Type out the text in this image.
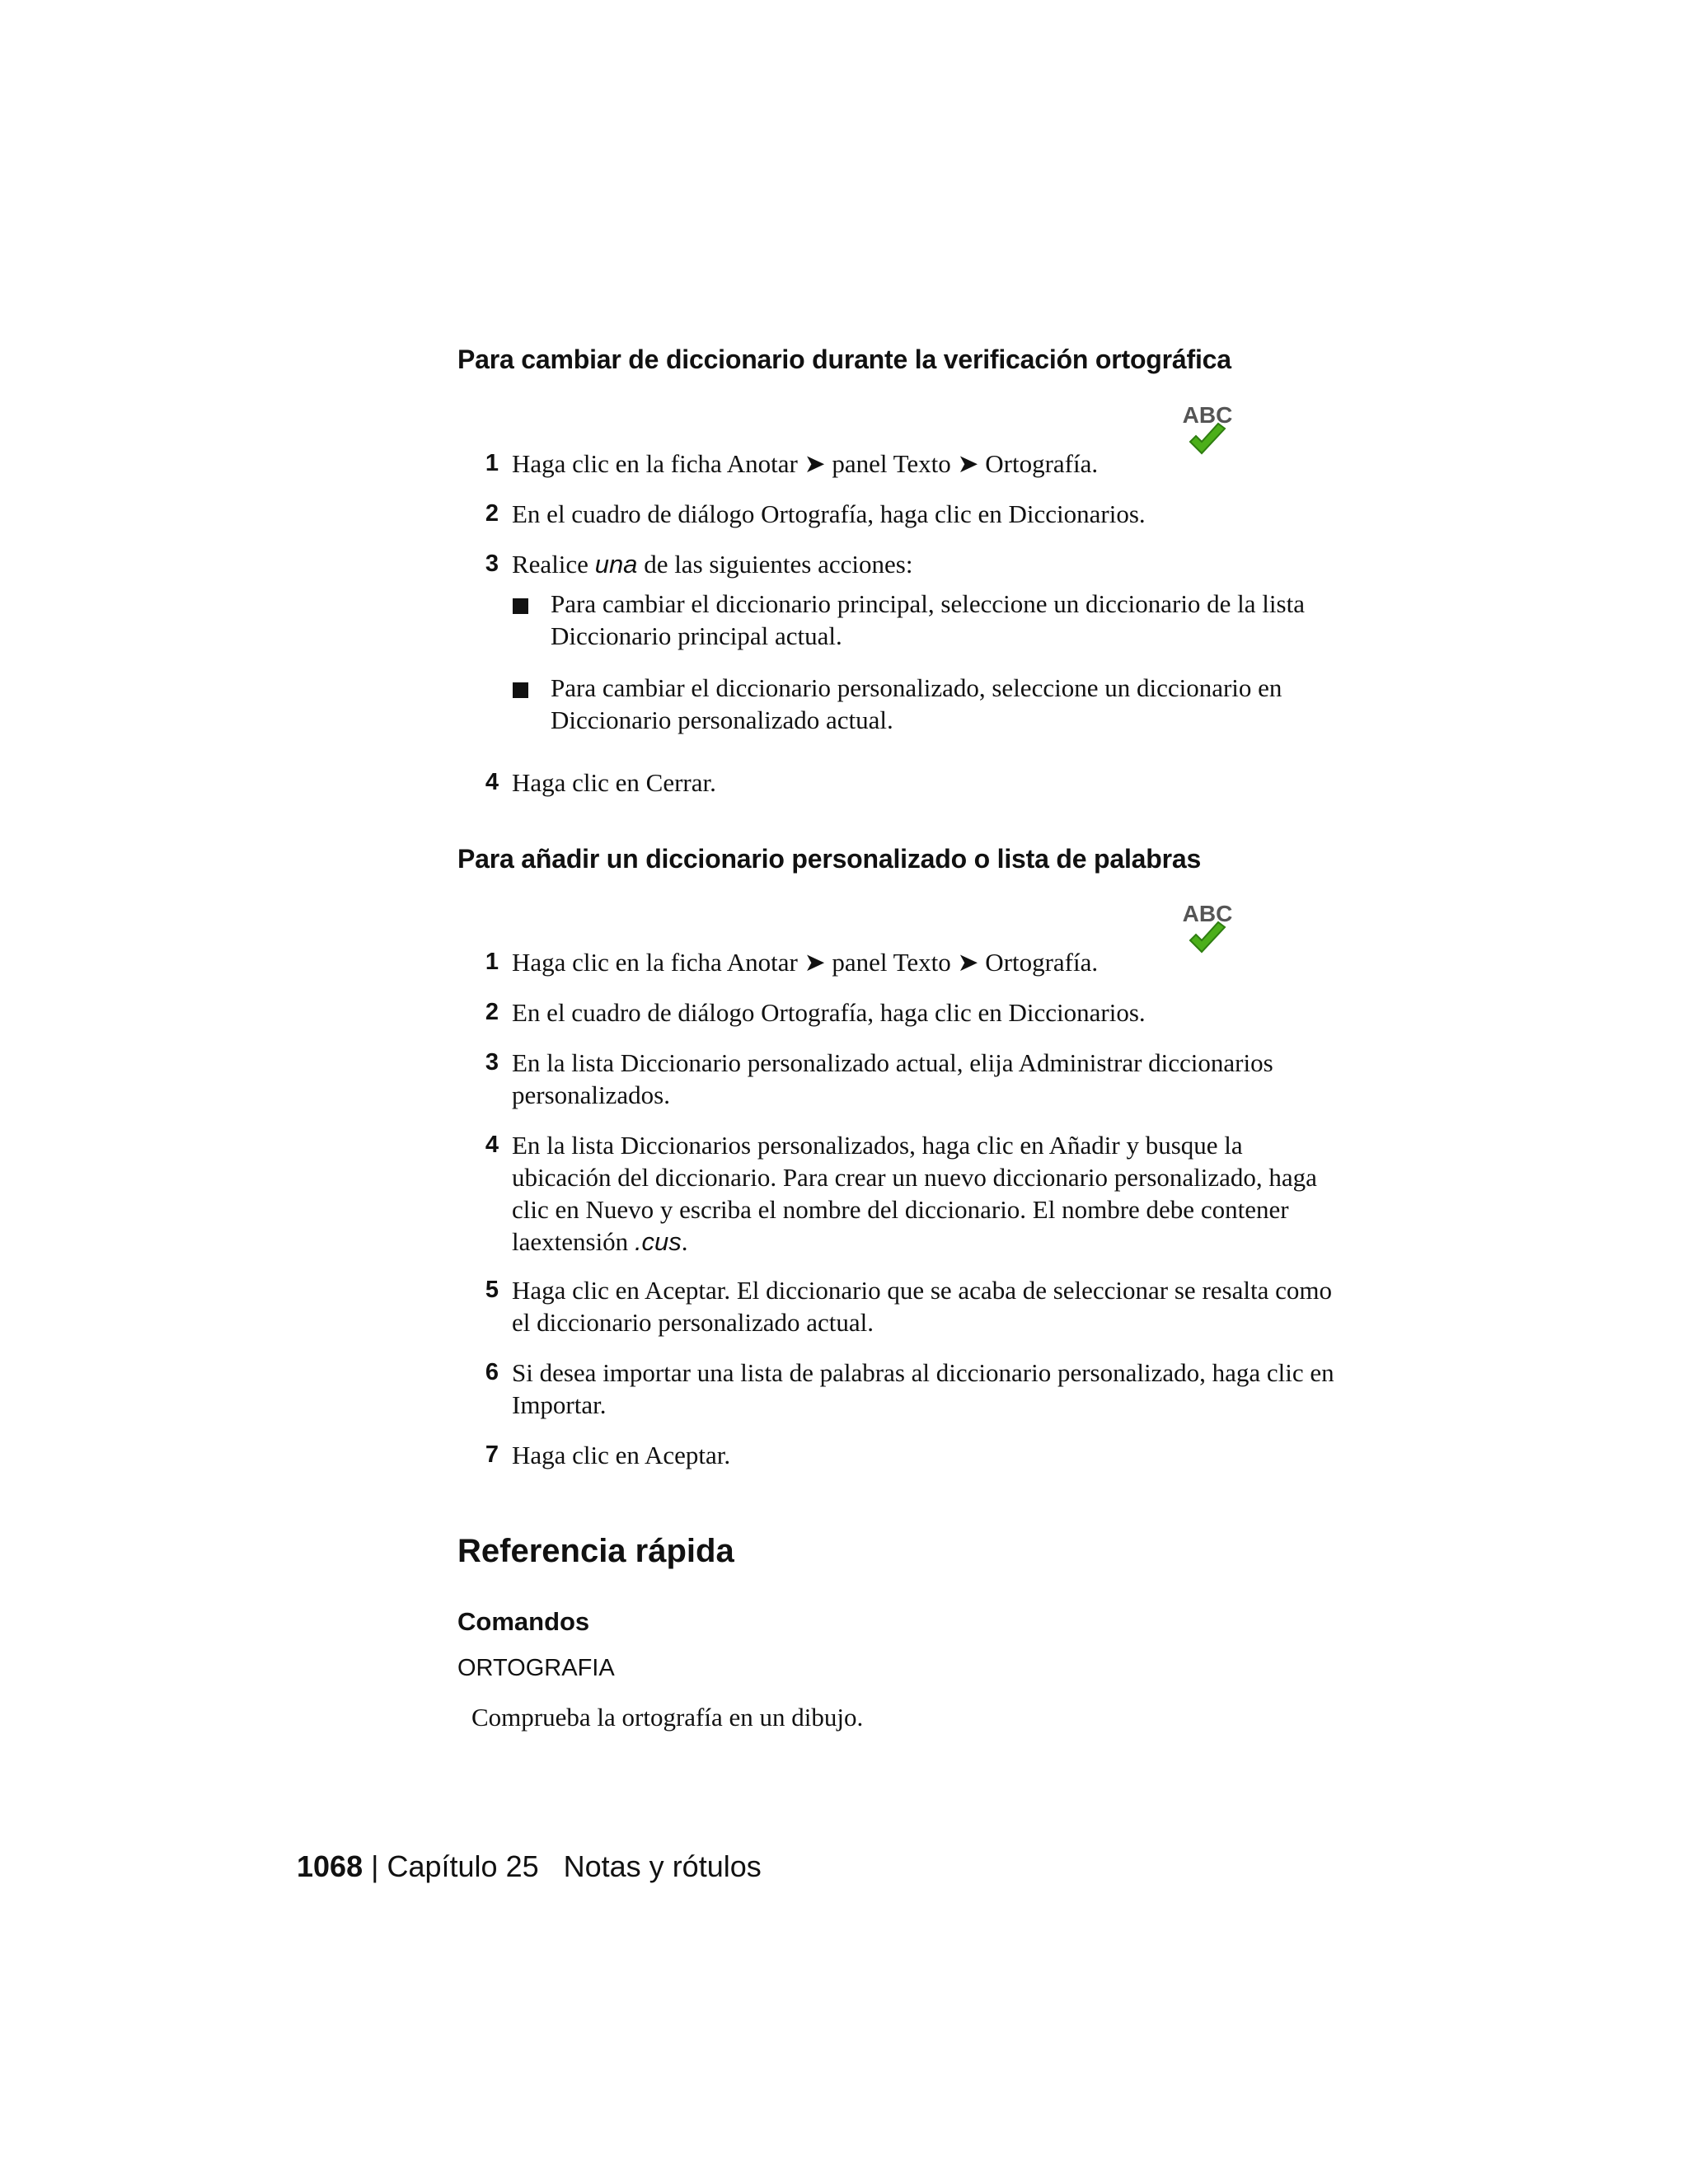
Para cambiar de diccionario durante la verificación ortográfica
1 Haga clic en la ficha Anotar ➤ panel Texto ➤ Ortografía.
ABC
2 En el cuadro de diálogo Ortografía, haga clic en Diccionarios.
3 Realice una de las siguientes acciones:
Para cambiar el diccionario principal, seleccione un diccionario de la lista Diccionario principal actual.
Para cambiar el diccionario personalizado, seleccione un diccionario en Diccionario personalizado actual.
4 Haga clic en Cerrar.
Para añadir un diccionario personalizado o lista de palabras
1 Haga clic en la ficha Anotar ➤ panel Texto ➤ Ortografía.
ABC
2 En el cuadro de diálogo Ortografía, haga clic en Diccionarios.
3 En la lista Diccionario personalizado actual, elija Administrar diccionarios personalizados.
4 En la lista Diccionarios personalizados, haga clic en Añadir y busque la ubicación del diccionario. Para crear un nuevo diccionario personalizado, haga clic en Nuevo y escriba el nombre del diccionario. El nombre debe contener laextensión .cus.
5 Haga clic en Aceptar. El diccionario que se acaba de seleccionar se resalta como el diccionario personalizado actual.
6 Si desea importar una lista de palabras al diccionario personalizado, haga clic en Importar.
7 Haga clic en Aceptar.
Referencia rápida
Comandos
ORTOGRAFIA
Comprueba la ortografía en un dibujo.
1068 | Capítulo 25 Notas y rótulos
